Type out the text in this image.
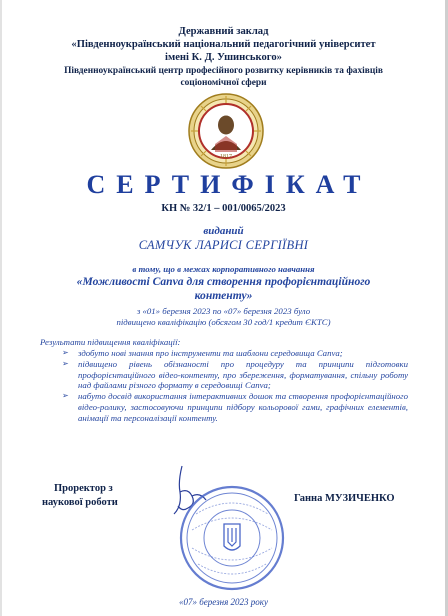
Державний заклад
«Південноукраїнський національний педагогічний університет
імені К. Д. Ушинського»
Південноукраїнський центр професійного розвитку керівників та фахівців
соціономічної сфери
1817
СЕРТИФІКАТ
КН № 32/1 – 001/0065/2023
виданий
САМЧУК ЛАРИСІ СЕРГІЇВНІ
в тому, що в межах корпоративного навчання
«Можливості Canva для створення профорієнтаційного
контенту»
з «01» березня 2023 по «07» березня 2023 було
підвищено кваліфікацію (обсягом 30 год/1 кредит ЄКТС)
Результати підвищення кваліфікації:
➢ здобуто нові знання про інструменти та шаблони середовища Canva;
➢ підвищено рівень обізнаності про процедуру та принципи підготовки профорієнтаційного відео-контенту, про збереження, форматування, спільну роботу над файлами різного формату в середовищі Canva;
➢ набуто досвід використання інтерактивних дошок та створення профорієнтаційного відео-ролику, застосовуючи принципи підбору кольорової гами, графічних елементів, анімації та персоналізації контенту.
Проректор з
наукової роботи	Ганна МУЗИЧЕНКО
«07» березня 2023 року
